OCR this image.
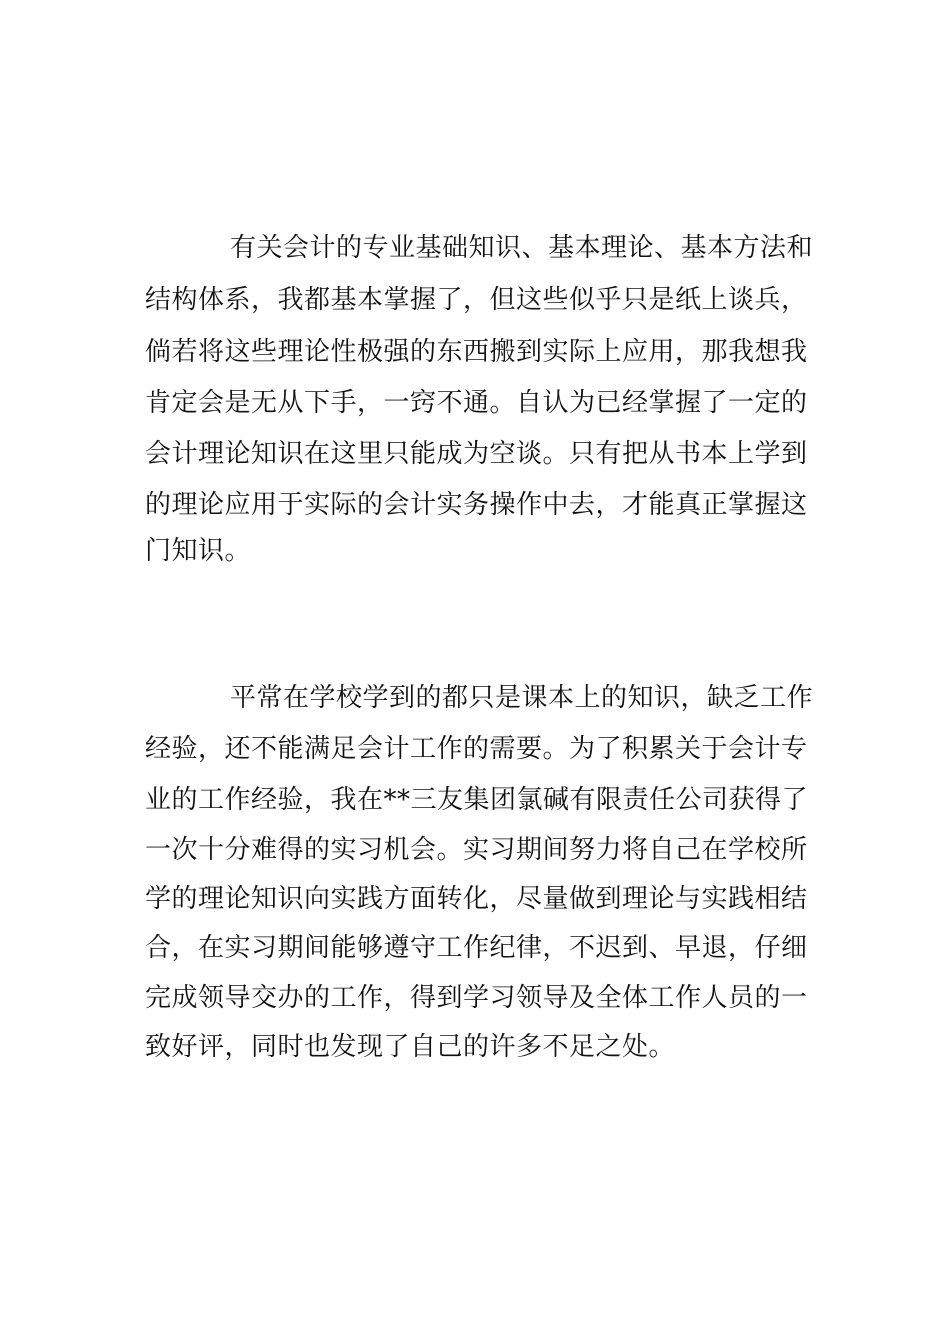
有关会计的专业基础知识、基本理论、基本方法和
结构体系，我都基本掌握了，但这些似乎只是纸上谈兵，
倘若将这些理论性极强的东西搬到实际上应用，那我想我
肯定会是无从下手，一窍不通。自认为已经掌握了一定的
会计理论知识在这里只能成为空谈。只有把从书本上学到
的理论应用于实际的会计实务操作中去，才能真正掌握这
门知识。
平常在学校学到的都只是课本上的知识，缺乏工作
经验，还不能满足会计工作的需要。为了积累关于会计专
业的工作经验，我在**三友集团氯碱有限责任公司获得了
一次十分难得的实习机会。实习期间努力将自己在学校所
学的理论知识向实践方面转化，尽量做到理论与实践相结
合，在实习期间能够遵守工作纪律，不迟到、早退，仔细
完成领导交办的工作，得到学习领导及全体工作人员的一
致好评，同时也发现了自己的许多不足之处。
